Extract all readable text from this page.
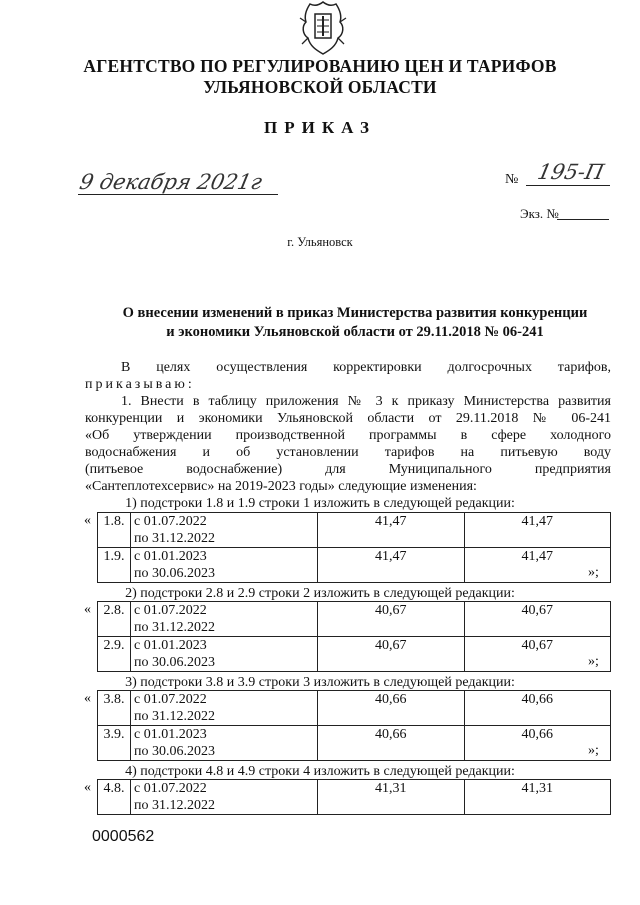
АГЕНТСТВО ПО РЕГУЛИРОВАНИЮ ЦЕН И ТАРИФОВ
УЛЬЯНОВСКОЙ ОБЛАСТИ
ПРИКАЗ
9 декабря 2021г	№ 195-П
Экз. №
г. Ульяновск
О внесении изменений в приказ Министерства развития конкуренции
и экономики Ульяновской области от 29.11.2018 № 06-241
В целях осуществления корректировки долгосрочных тарифов,
приказываю:
1. Внести в таблицу приложения № 3 к приказу Министерства развития
конкуренции и экономики Ульяновской области от 29.11.2018 № 06-241
«Об утверждении производственной программы в сфере холодного
водоснабжения и об установлении тарифов на питьевую воду
(питьевое водоснабжение) для Муниципального предприятия
«Сантеплотехсервис» на 2019-2023 годы» следующие изменения:
1) подстроки 1.8 и 1.9 строки 1 изложить в следующей редакции:
« 1.8.	с 01.07.2022
по 31.12.2022	41,47	41,47
1.9.	с 01.01.2023
по 30.06.2023	41,47	41,47
»;
2) подстроки 2.8 и 2.9 строки 2 изложить в следующей редакции:
« 2.8.	с 01.07.2022
по 31.12.2022	40,67	40,67
2.9.	с 01.01.2023
по 30.06.2023	40,67	40,67
»;
3) подстроки 3.8 и 3.9 строки 3 изложить в следующей редакции:
« 3.8.	с 01.07.2022
по 31.12.2022	40,66	40,66
3.9.	с 01.01.2023
по 30.06.2023	40,66	40,66
»;
4) подстроки 4.8 и 4.9 строки 4 изложить в следующей редакции:
« 4.8.	с 01.07.2022
по 31.12.2022
	41,31	41,31
0000562
